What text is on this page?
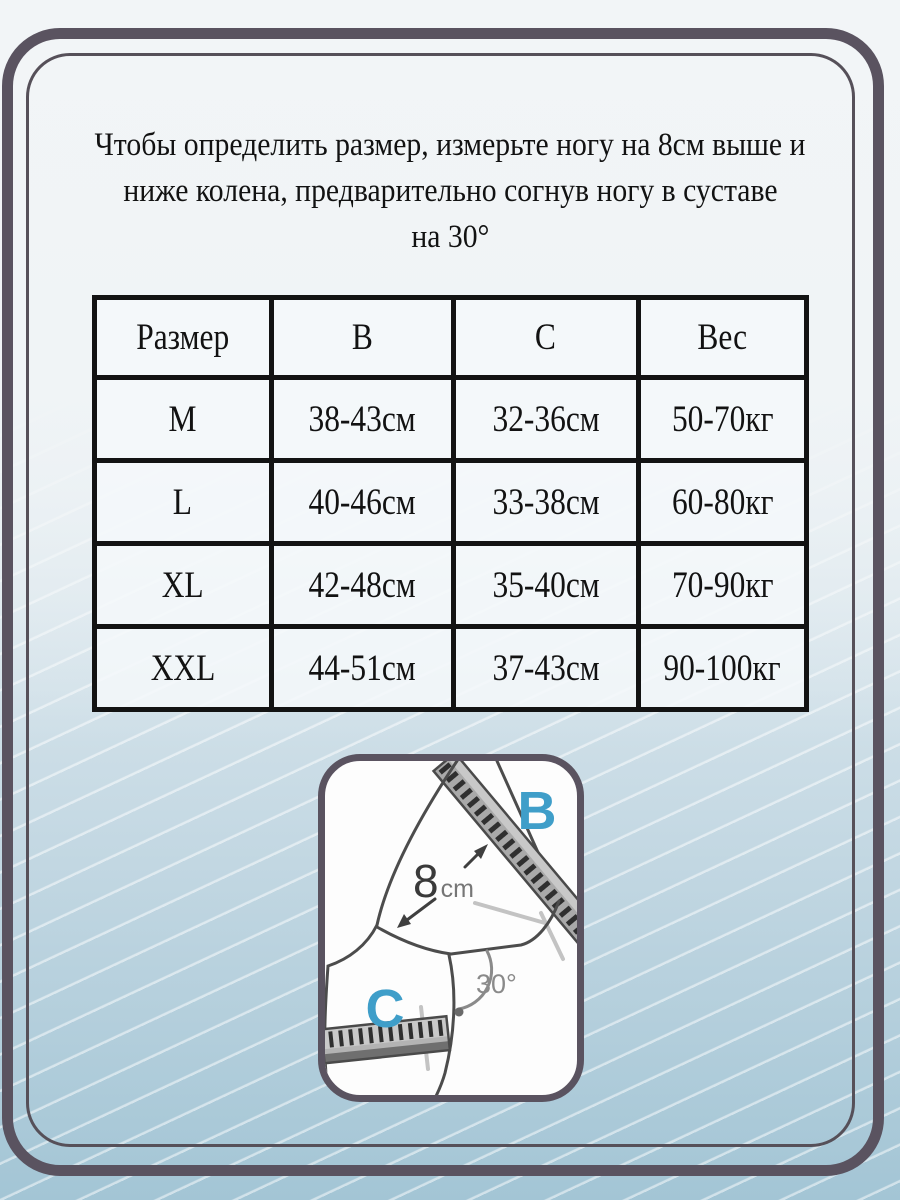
Чтобы определить размер, измерьте ногу на 8см выше и
ниже колена, предварительно согнув ногу в суставе
на 30°
Размер	B	C	Вес
M	38-43см	32-36см	50-70кг
L	40-46см	33-38см	60-80кг
XL	42-48см	35-40см	70-90кг
XXL	44-51см	37-43см	90-100кг
30°
8cm
B
C
